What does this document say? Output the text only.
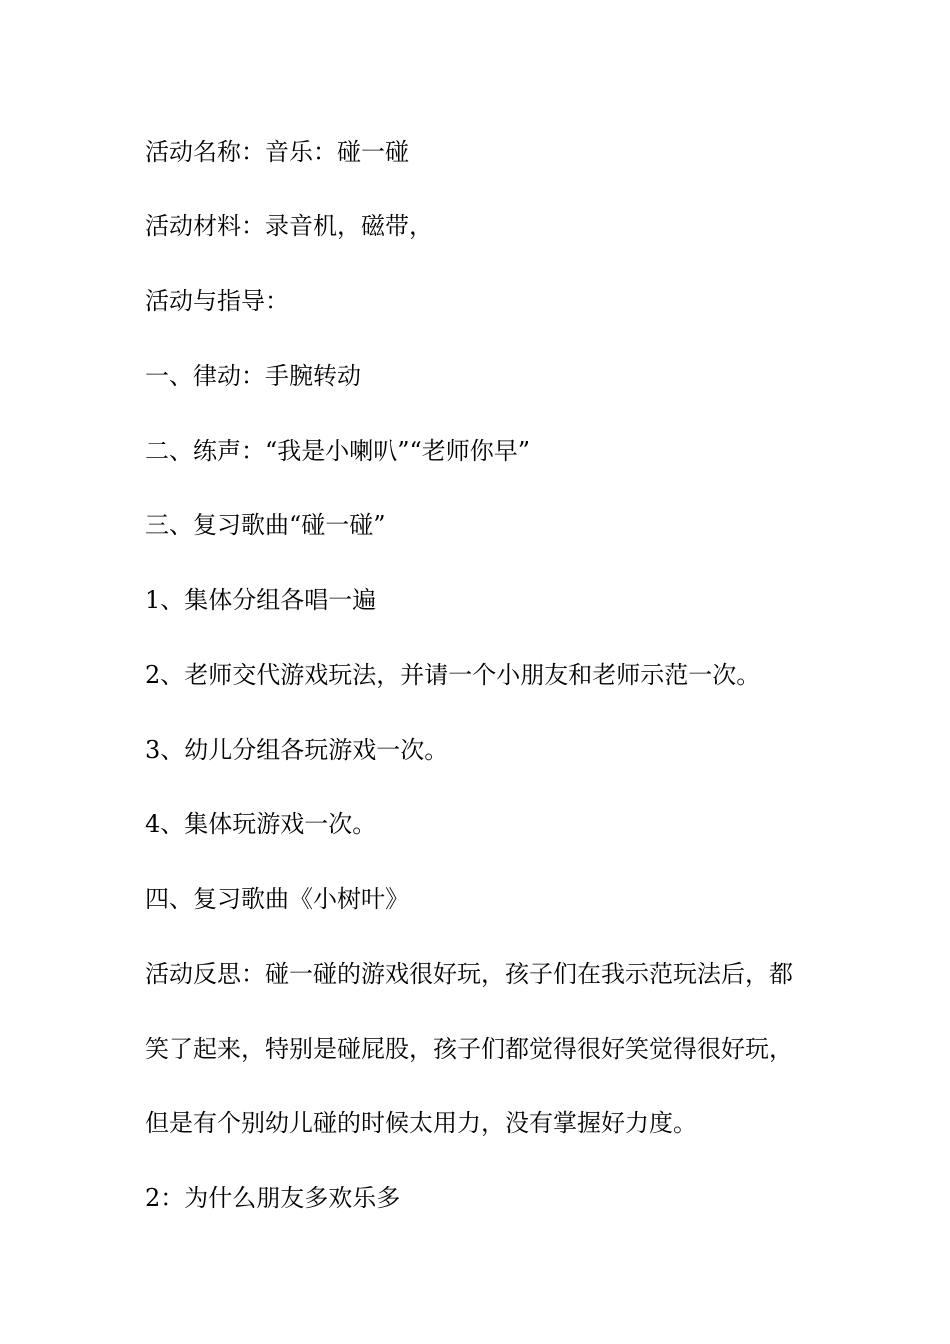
活动名称：音乐：碰一碰
活动材料：录音机，磁带，
活动与指导：
一、律动：手腕转动
二、练声：“我是小喇叭”“老师你早”
三、复习歌曲“碰一碰”
1、集体分组各唱一遍
2、老师交代游戏玩法，并请一个小朋友和老师示范一次。
3、幼儿分组各玩游戏一次。
4、集体玩游戏一次。
四、复习歌曲《小树叶》
活动反思：碰一碰的游戏很好玩，孩子们在我示范玩法后，都
笑了起来，特别是碰屁股，孩子们都觉得很好笑觉得很好玩，
但是有个别幼儿碰的时候太用力，没有掌握好力度。
2：为什么朋友多欢乐多
